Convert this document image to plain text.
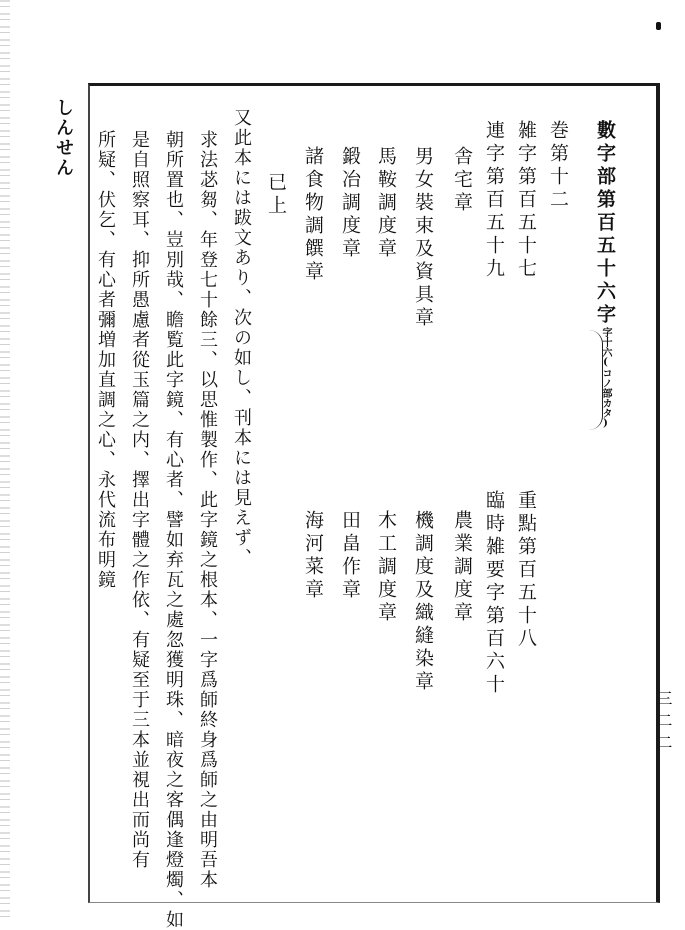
しんせん	數字部第百五十六字字十六(コノ部カタ)
巻第十二
雑字第百五十七
重點第百五十八
連字第百五十九
臨時雑要字第百六十
舎宅章
農業調度章
男女裝束及資具章
機調度及織縫染章
馬鞍調度章
木工調度章
鍛冶調度章
田畠作章
諸食物調饌章
海河菜章
已上
又此本には跋文あり、次の如し、刊本には見えず、
求法苾芻、年登七十餘三、以思惟製作、此字鏡之根本、一字爲師終身爲師之由明吾本
朝所置也、豈別哉、瞻覧此字鏡、有心者、譬如弃瓦之處忽獲明珠、暗夜之客偶逢燈燭、如
是自照察耳、抑所愚慮者從玉篇之内、擇出字體之作依、有疑至于三本並視出而尚有
所疑、伏乞、有心者彌増加直調之心、永代流布明鏡
三二二
